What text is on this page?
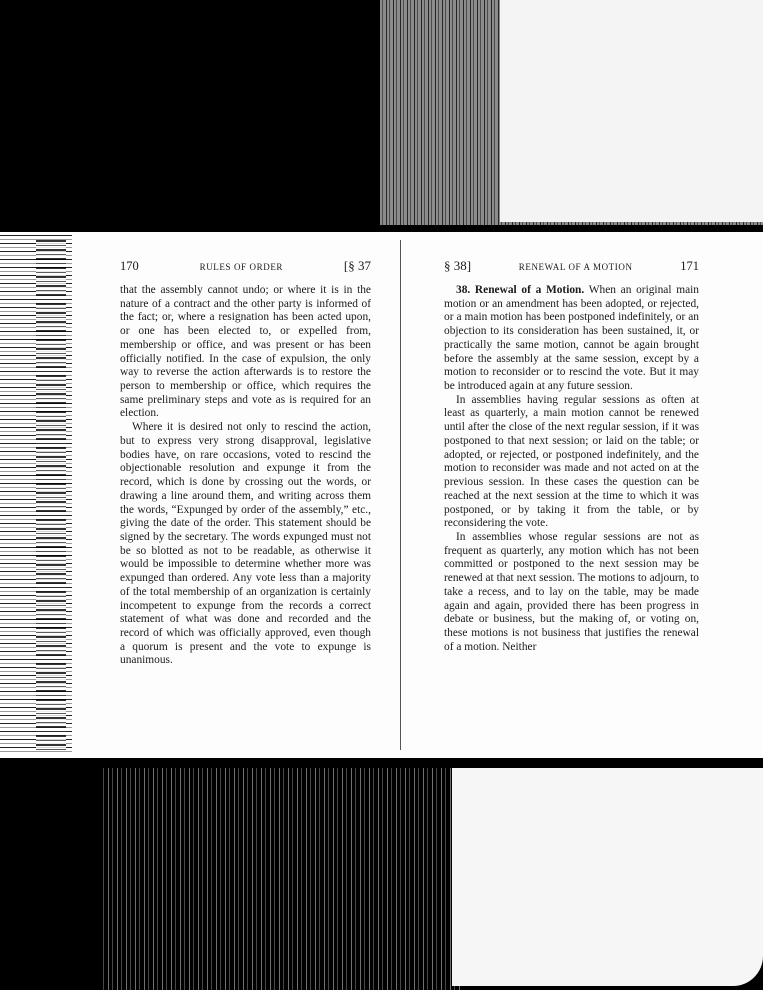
170	RULES OF ORDER	[§ 37

that the assembly cannot undo; or where it is in the nature of a contract and the other party is informed of the fact; or, where a resignation has been acted upon, or one has been elected to, or expelled from, membership or office, and was present or has been officially notified. In the case of expulsion, the only way to reverse the action afterwards is to restore the person to membership or office, which requires the same preliminary steps and vote as is required for an election.

Where it is desired not only to rescind the action, but to express very strong disapproval, legislative bodies have, on rare occasions, voted to rescind the objectionable resolution and expunge it from the record, which is done by crossing out the words, or drawing a line around them, and writing across them the words, “Expunged by order of the assembly,” etc., giving the date of the order. This statement should be signed by the secretary. The words expunged must not be so blotted as not to be readable, as otherwise it would be impossible to determine whether more was expunged than ordered. Any vote less than a majority of the total membership of an organization is certainly incompetent to expunge from the records a correct statement of what was done and recorded and the record of which was officially approved, even though a quorum is present and the vote to expunge is unanimous.

§ 38]	RENEWAL OF A MOTION	171

38. Renewal of a Motion. When an original main motion or an amendment has been adopted, or rejected, or a main motion has been postponed indefinitely, or an objection to its consideration has been sustained, it, or practically the same motion, cannot be again brought before the assembly at the same session, except by a motion to reconsider or to rescind the vote. But it may be introduced again at any future session.

In assemblies having regular sessions as often at least as quarterly, a main motion cannot be renewed until after the close of the next regular session, if it was postponed to that next session; or laid on the table; or adopted, or rejected, or postponed indefinitely, and the motion to reconsider was made and not acted on at the previous session. In these cases the question can be reached at the next session at the time to which it was postponed, or by taking it from the table, or by reconsidering the vote.

In assemblies whose regular sessions are not as frequent as quarterly, any motion which has not been committed or postponed to the next session may be renewed at that next session. The motions to adjourn, to take a recess, and to lay on the table, may be made again and again, provided there has been progress in debate or business, but the making of, or voting on, these motions is not business that justifies the renewal of a motion. Neither
